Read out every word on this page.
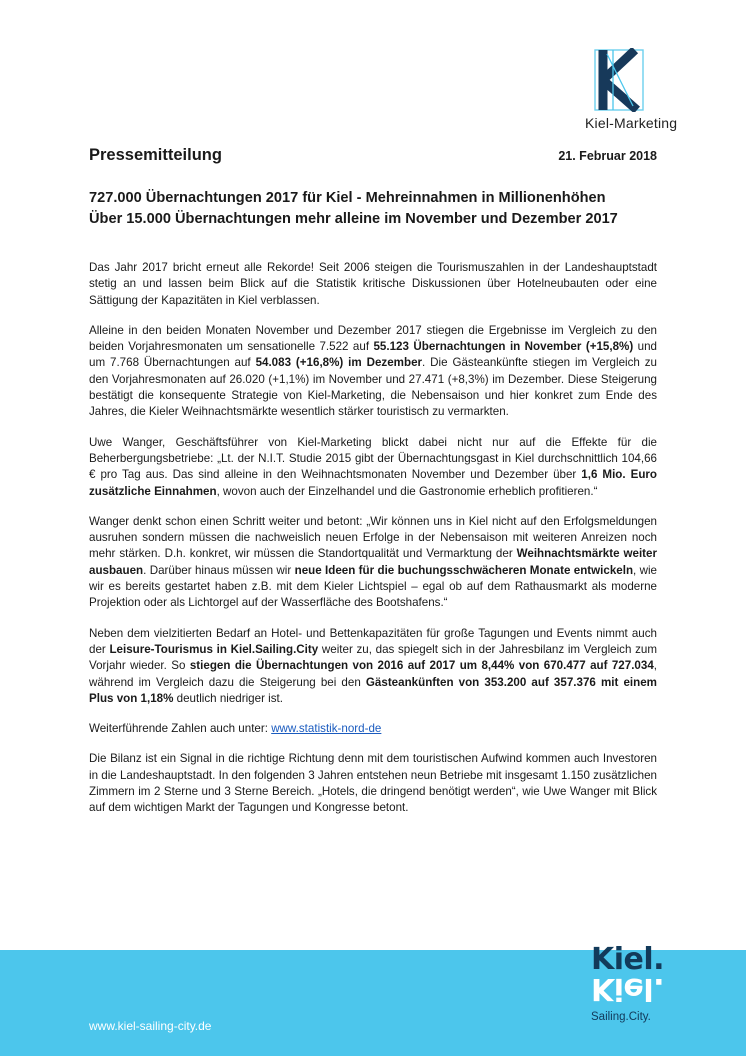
Kiel-Marketing
Pressemitteilung	21. Februar 2018
727.000 Übernachtungen 2017 für Kiel - Mehreinnahmen in Millionenhöhen
Über 15.000 Übernachtungen mehr alleine im November und Dezember 2017

Das Jahr 2017 bricht erneut alle Rekorde! Seit 2006 steigen die Tourismuszahlen in der Landeshauptstadt stetig an und lassen beim Blick auf die Statistik kritische Diskussionen über Hotelneubauten oder eine Sättigung der Kapazitäten in Kiel verblassen.

Alleine in den beiden Monaten November und Dezember 2017 stiegen die Ergebnisse im Vergleich zu den beiden Vorjahresmonaten um sensationelle 7.522 auf 55.123 Übernachtungen in November (+15,8%) und um 7.768 Übernachtungen auf 54.083 (+16,8%) im Dezember. Die Gästeankünfte stiegen im Vergleich zu den Vorjahresmonaten auf 26.020 (+1,1%) im November und 27.471 (+8,3%) im Dezember. Diese Steigerung bestätigt die konsequente Strategie von Kiel-Marketing, die Nebensaison und hier konkret zum Ende des Jahres, die Kieler Weihnachtsmärkte wesentlich stärker touristisch zu vermarkten.

Uwe Wanger, Geschäftsführer von Kiel-Marketing blickt dabei nicht nur auf die Effekte für die Beherbergungsbetriebe: „Lt. der N.I.T. Studie 2015 gibt der Übernachtungsgast in Kiel durchschnittlich 104,66 € pro Tag aus. Das sind alleine in den Weihnachtsmonaten November und Dezember über 1,6 Mio. Euro zusätzliche Einnahmen, wovon auch der Einzelhandel und die Gastronomie erheblich profitieren.“

Wanger denkt schon einen Schritt weiter und betont: „Wir können uns in Kiel nicht auf den Erfolgsmeldungen ausruhen sondern müssen die nachweislich neuen Erfolge in der Nebensaison mit weiteren Anreizen noch mehr stärken. D.h. konkret, wir müssen die Standortqualität und Vermarktung der Weihnachtsmärkte weiter ausbauen. Darüber hinaus müssen wir neue Ideen für die buchungsschwächeren Monate entwickeln, wie wir es bereits gestartet haben z.B. mit dem Kieler Lichtspiel – egal ob auf dem Rathausmarkt als moderne Projektion oder als Lichtorgel auf der Wasserfläche des Bootshafens.“

Neben dem vielzitierten Bedarf an Hotel- und Bettenkapazitäten für große Tagungen und Events nimmt auch der Leisure-Tourismus in Kiel.Sailing.City weiter zu, das spiegelt sich in der Jahresbilanz im Vergleich zum Vorjahr wieder. So stiegen die Übernachtungen von 2016 auf 2017 um 8,44% von 670.477 auf 727.034, während im Vergleich dazu die Steigerung bei den Gästeankünften von 353.200 auf 357.376 mit einem Plus von 1,18% deutlich niedriger ist.

Weiterführende Zahlen auch unter: www.statistik-nord-de

Die Bilanz ist ein Signal in die richtige Richtung denn mit dem touristischen Aufwind kommen auch Investoren in die Landeshauptstadt. In den folgenden 3 Jahren entstehen neun Betriebe mit insgesamt 1.150 zusätzlichen Zimmern im 2 Sterne und 3 Sterne Bereich. „Hotels, die dringend benötigt werden“, wie Uwe Wanger mit Blick auf dem wichtigen Markt der Tagungen und Kongresse betont.

www.kiel-sailing-city.de
Kiel.
Kiel.
Sailing.City.
